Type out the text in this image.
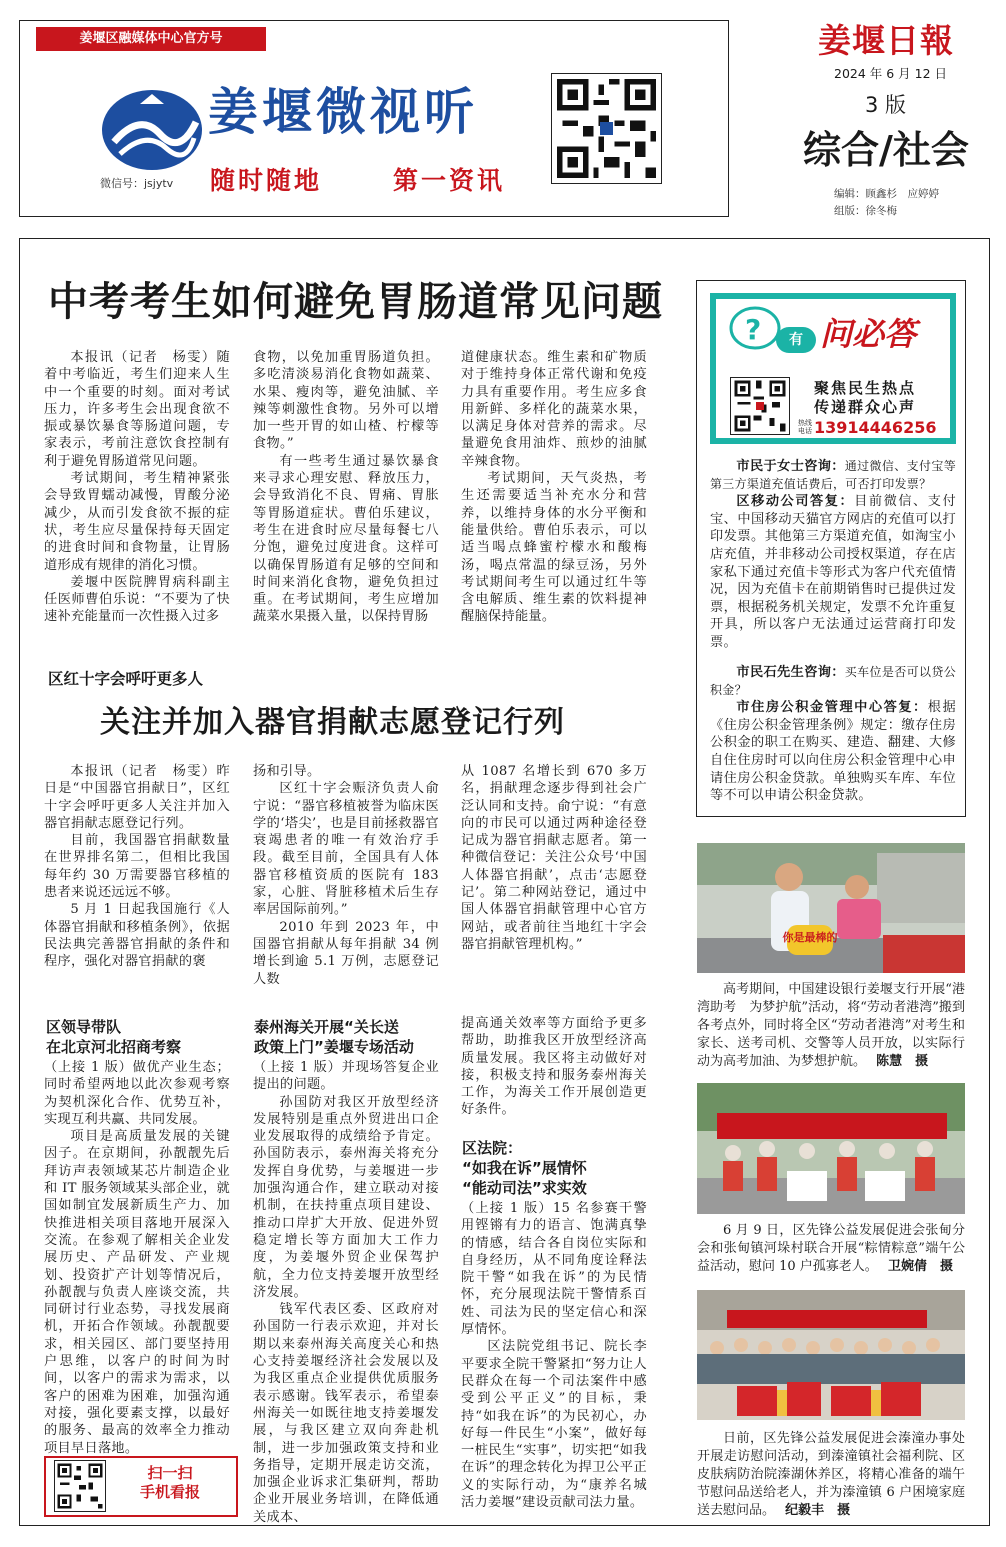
姜堰区融媒体中心官方号
姜堰微视听
随时随地	第一资讯
微信号：jsjytv
姜堰日報
2024 年 6 月 12 日
3 版
综合/社会
编辑：顾鑫杉　应婷婷
组版：徐冬梅
中考考生如何避免胃肠道常见问题

本报讯（记者　杨雯）随着中考临近，考生们迎来人生中一个重要的时刻。面对考试压力，许多考生会出现食欲不振或暴饮暴食等肠道问题，专家表示，考前注意饮食控制有利于避免胃肠道常见问题。

考试期间，考生精神紧张会导致胃蠕动减慢，胃酸分泌减少，从而引发食欲不振的症状，考生应尽量保持每天固定的进食时间和食物量，让胃肠道形成有规律的消化习惯。

姜堰中医院脾胃病科副主任医师曹伯乐说：“不要为了快速补充能量而一次性摄入过多

食物，以免加重胃肠道负担。多吃清淡易消化食物如蔬菜、水果、瘦肉等，避免油腻、辛辣等刺激性食物。另外可以增加一些开胃的如山楂、柠檬等食物。”

有一些考生通过暴饮暴食来寻求心理安慰、释放压力，会导致消化不良、胃痛、胃胀等胃肠道症状。曹伯乐建议，考生在进食时应尽量每餐七八分饱，避免过度进食。这样可以确保胃肠道有足够的空间和时间来消化食物，避免负担过重。在考试期间，考生应增加蔬菜水果摄入量，以保持胃肠

道健康状态。维生素和矿物质对于维持身体正常代谢和免疫力具有重要作用。考生应多食用新鲜、多样化的蔬菜水果，以满足身体对营养的需求。尽量避免食用油炸、煎炒的油腻辛辣食物。

考试期间，天气炎热，考生还需要适当补充水分和营养，以维持身体的水分平衡和能量供给。曹伯乐表示，可以适当喝点蜂蜜柠檬水和酸梅汤，喝点常温的绿豆汤，另外考试期间考生可以通过红牛等含电解质、维生素的饮料提神醒脑保持能量。

区红十字会呼吁更多人
关注并加入器官捐献志愿登记行列

本报讯（记者　杨雯）昨日是“中国器官捐献日”，区红十字会呼吁更多人关注并加入器官捐献志愿登记行列。

目前，我国器官捐献数量在世界排名第二，但相比我国每年约 30 万需要器官移植的患者来说还远远不够。

5 月 1 日起我国施行《人体器官捐献和移植条例》，依据民法典完善器官捐献的条件和程序，强化对器官捐献的褒

扬和引导。

区红十字会赈济负责人俞宁说：“器官移植被誉为临床医学的‘塔尖’，也是目前拯救器官衰竭患者的唯一有效治疗手段。截至目前，全国具有人体器官移植资质的医院有 183 家，心脏、肾脏移植术后生存率居国际前列。”

2010 年到 2023 年，中国器官捐献从每年捐献 34 例增长到逾 5.1 万例，志愿登记人数

从 1087 名增长到 670 多万名，捐献理念逐步得到社会广泛认同和支持。俞宁说：“有意向的市民可以通过两种途径登记成为器官捐献志愿者。第一种微信登记：关注公众号‘中国人体器官捐献’，点击‘志愿登记’。第二种网站登记，通过中国人体器官捐献管理中心官方网站，或者前往当地红十字会器官捐献管理机构。”

区领导带队
在北京河北招商考察

（上接 1 版）做优产业生态；同时希望两地以此次参观考察为契机深化合作、优势互补，实现互利共赢、共同发展。

项目是高质量发展的关键因子。在京期间，孙靓靓先后拜访声表领域某芯片制造企业和 IT 服务领域某头部企业，就国如制宜发展新质生产力、加快推进相关项目落地开展深入交流。在参观了解相关企业发展历史、产品研发、产业规划、投资扩产计划等情况后，孙靓靓与负责人座谈交流，共同研讨行业态势，寻找发展商机，开拓合作领域。孙靓靓要求，相关园区、部门要坚持用户思维，以客户的时间为时间，以客户的需求为需求，以客户的困难为困难，加强沟通对接，强化要素支撑，以最好的服务、最高的效率全力推动项目早日落地。

泰州海关开展“关长送
政策上门”姜堰专场活动

（上接 1 版）并现场答复企业提出的问题。

孙国防对我区开放型经济发展特别是重点外贸进出口企业发展取得的成绩给予肯定。孙国防表示，泰州海关将充分发挥自身优势，与姜堰进一步加强沟通合作，建立联动对接机制，在扶持重点项目建设、推动口岸扩大开放、促进外贸稳定增长等方面加大工作力度，为姜堰外贸企业保驾护航，全力位支持姜堰开放型经济发展。

钱军代表区委、区政府对孙国防一行表示欢迎，并对长期以来泰州海关高度关心和热心支持姜堰经济社会发展以及为我区重点企业提供优质服务表示感谢。钱军表示，希望泰州海关一如既往地支持姜堰发展，与我区建立双向奔赴机制，进一步加强政策支持和业务指导，定期开展走访交流，加强企业诉求汇集研判，帮助企业开展业务培训，在降低通关成本、

提高通关效率等方面给予更多帮助，助推我区开放型经济高质量发展。我区将主动做好对接，积极支持和服务泰州海关工作，为海关工作开展创造更好条件。

区法院：
“如我在诉”展情怀
“能动司法”求实效

（上接 1 版）15 名参赛干警用铿锵有力的语言、饱满真挚的情感，结合各自岗位实际和自身经历，从不同角度诠释法院干警“如我在诉”的为民情怀，充分展现法院干警情系百姓、司法为民的坚定信心和深厚情怀。

区法院党组书记、院长李平要求全院干警紧扣“努力让人民群众在每一个司法案件中感受到公平正义”的目标，秉持“如我在诉”的为民初心，办好每一件民生“小案”，做好每一桩民生“实事”，切实把“如我在诉”的理念转化为捍卫公平正义的实际行动，为“康养名城 活力姜堰”建设贡献司法力量。

扫一扫
手机看报
?	有 问必答
聚焦民生热点
传递群众心声
热线电话 13914446256

市民于女士咨询：通过微信、支付宝等第三方渠道充值话费后，可否打印发票？

区移动公司答复：目前微信、支付宝、中国移动天猫官方网店的充值可以打印发票。其他第三方渠道充值，如淘宝小店充值，并非移动公司授权渠道，存在店家私下通过充值卡等形式为客户代充值情况，因为充值卡在前期销售时已提供过发票，根据税务机关规定，发票不允许重复开具，所以客户无法通过运营商打印发票。

市民石先生咨询：买车位是否可以贷公积金？

市住房公积金管理中心答复：根据《住房公积金管理条例》规定：缴存住房公积金的职工在购买、建造、翻建、大修自住住房时可以向住房公积金管理中心申请住房公积金贷款。单独购买车库、车位等不可以申请公积金贷款。

你是最棒的
高考期间，中国建设银行姜堰支行开展“港湾助考　为梦护航”活动，将“劳动者港湾”搬到各考点外，同时将全区“劳动者港湾”对考生和家长、送考司机、交警等人员开放，以实际行动为高考加油、为梦想护航。 陈慧　摄
6 月 9 日，区先锋公益发展促进会张甸分会和张甸镇河垛村联合开展“粽情粽意”端午公益活动，慰问 10 户孤寡老人。 卫婉倩　摄
日前，区先锋公益发展促进会溱潼办事处开展走访慰问活动，到溱潼镇社会福利院、区皮肤病防治院溱湖休养区，将精心准备的端午节慰问品送给老人，并为溱潼镇 6 户困境家庭送去慰问品。 纪毅丰　摄
